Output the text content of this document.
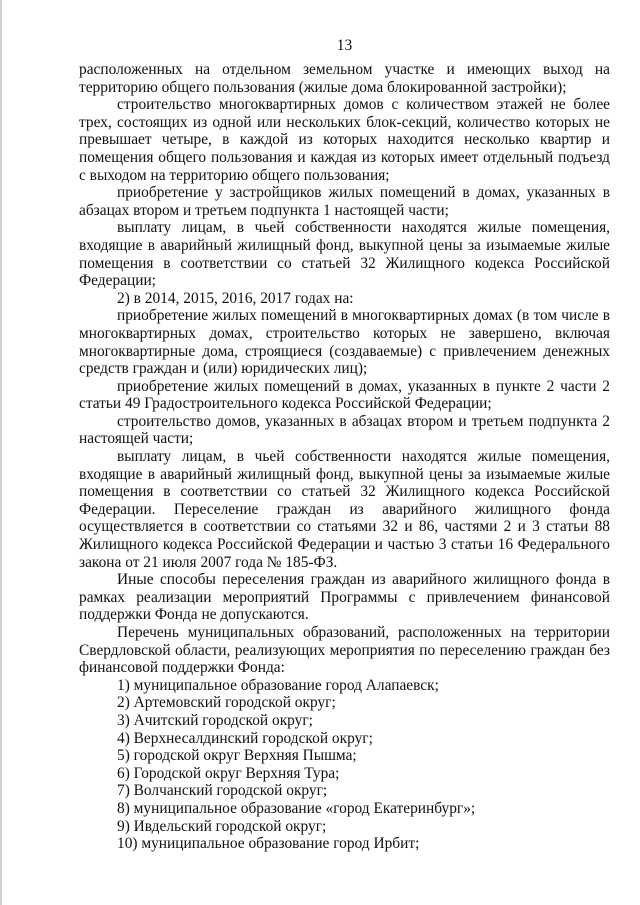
13

расположенных на отдельном земельном участке и имеющих выход на территорию общего пользования (жилые дома блокированной застройки);

строительство многоквартирных домов с количеством этажей не более трех, состоящих из одной или нескольких блок-секций, количество которых не превышает четыре, в каждой из которых находится несколько квартир и помещения общего пользования и каждая из которых имеет отдельный подъезд с выходом на территорию общего пользования;

приобретение у застройщиков жилых помещений в домах, указанных в абзацах втором и третьем подпункта 1 настоящей части;

выплату лицам, в чьей собственности находятся жилые помещения, входящие в аварийный жилищный фонд, выкупной цены за изымаемые жилые помещения в соответствии со статьей 32 Жилищного кодекса Российской Федерации;

2) в 2014, 2015, 2016, 2017 годах на:

приобретение жилых помещений в многоквартирных домах (в том числе в многоквартирных домах, строительство которых не завершено, включая многоквартирные дома, строящиеся (создаваемые) с привлечением денежных средств граждан и (или) юридических лиц);

приобретение жилых помещений в домах, указанных в пункте 2 части 2 статьи 49 Градостроительного кодекса Российской Федерации;

строительство домов, указанных в абзацах втором и третьем подпункта 2 настоящей части;

выплату лицам, в чьей собственности находятся жилые помещения, входящие в аварийный жилищный фонд, выкупной цены за изымаемые жилые помещения в соответствии со статьей 32 Жилищного кодекса Российской Федерации. Переселение граждан из аварийного жилищного фонда осуществляется в соответствии со статьями 32 и 86, частями 2 и 3 статьи 88 Жилищного кодекса Российской Федерации и частью 3 статьи 16 Федерального закона от 21 июля 2007 года № 185-ФЗ.

Иные способы переселения граждан из аварийного жилищного фонда в рамках реализации мероприятий Программы с привлечением финансовой поддержки Фонда не допускаются.

Перечень муниципальных образований, расположенных на территории Свердловской области, реализующих мероприятия по переселению граждан без финансовой поддержки Фонда:

1) муниципальное образование город Алапаевск;

2) Артемовский городской округ;

3) Ачитский городской округ;

4) Верхнесалдинский городской округ;

5) городской округ Верхняя Пышма;

6) Городской округ Верхняя Тура;

7) Волчанский городской округ;

8) муниципальное образование «город Екатеринбург»;

9) Ивдельский городской округ;

10) муниципальное образование город Ирбит;
